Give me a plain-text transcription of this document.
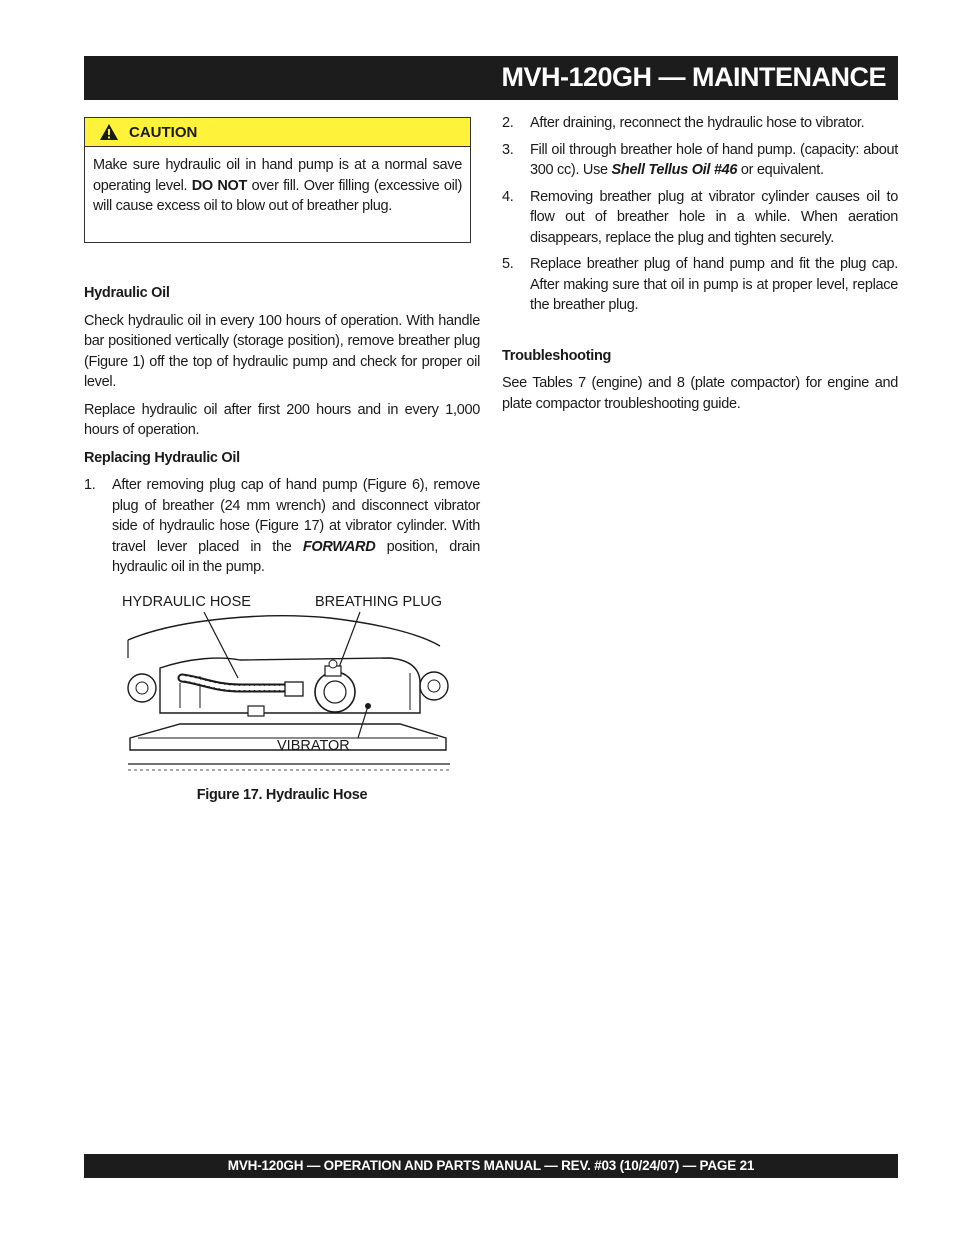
MVH-120GH — MAINTENANCE
CAUTION
Make sure hydraulic oil in hand pump is at a normal save operating level. DO NOT over fill. Over filling (excessive oil) will cause excess oil to blow out of breather plug.
Hydraulic Oil

Check hydraulic oil in every 100 hours of operation. With handle bar positioned vertically (storage position), remove breather plug (Figure 1) off the top of hydraulic pump and check for proper oil level.

Replace hydraulic oil after first 200 hours and in every 1,000 hours of operation.

Replacing Hydraulic Oil
1.	After removing plug cap of hand pump (Figure 6), remove plug of breather (24 mm wrench) and disconnect vibrator side of hydraulic hose (Figure 17) at vibrator cylinder. With travel lever placed in the FORWARD position, drain hydraulic oil in the pump.
HYDRAULIC HOSE	BREATHING PLUG
VIBRATOR
Figure 17. Hydraulic Hose
2.	After draining, reconnect the hydraulic hose to vibrator.
3.	Fill oil through breather hole of hand pump. (capacity: about 300 cc). Use Shell Tellus Oil #46 or equivalent.
4.	Removing breather plug at vibrator cylinder causes oil to flow out of breather hole in a while. When aeration disappears, replace the plug and tighten securely.
5.	Replace breather plug of hand pump and fit the plug cap. After making sure that oil in pump is at proper level, replace the breather plug.
Troubleshooting

See Tables 7 (engine) and 8 (plate compactor) for engine and plate compactor troubleshooting guide.

MVH-120GH — OPERATION AND PARTS MANUAL — REV. #03 (10/24/07) — PAGE 21
